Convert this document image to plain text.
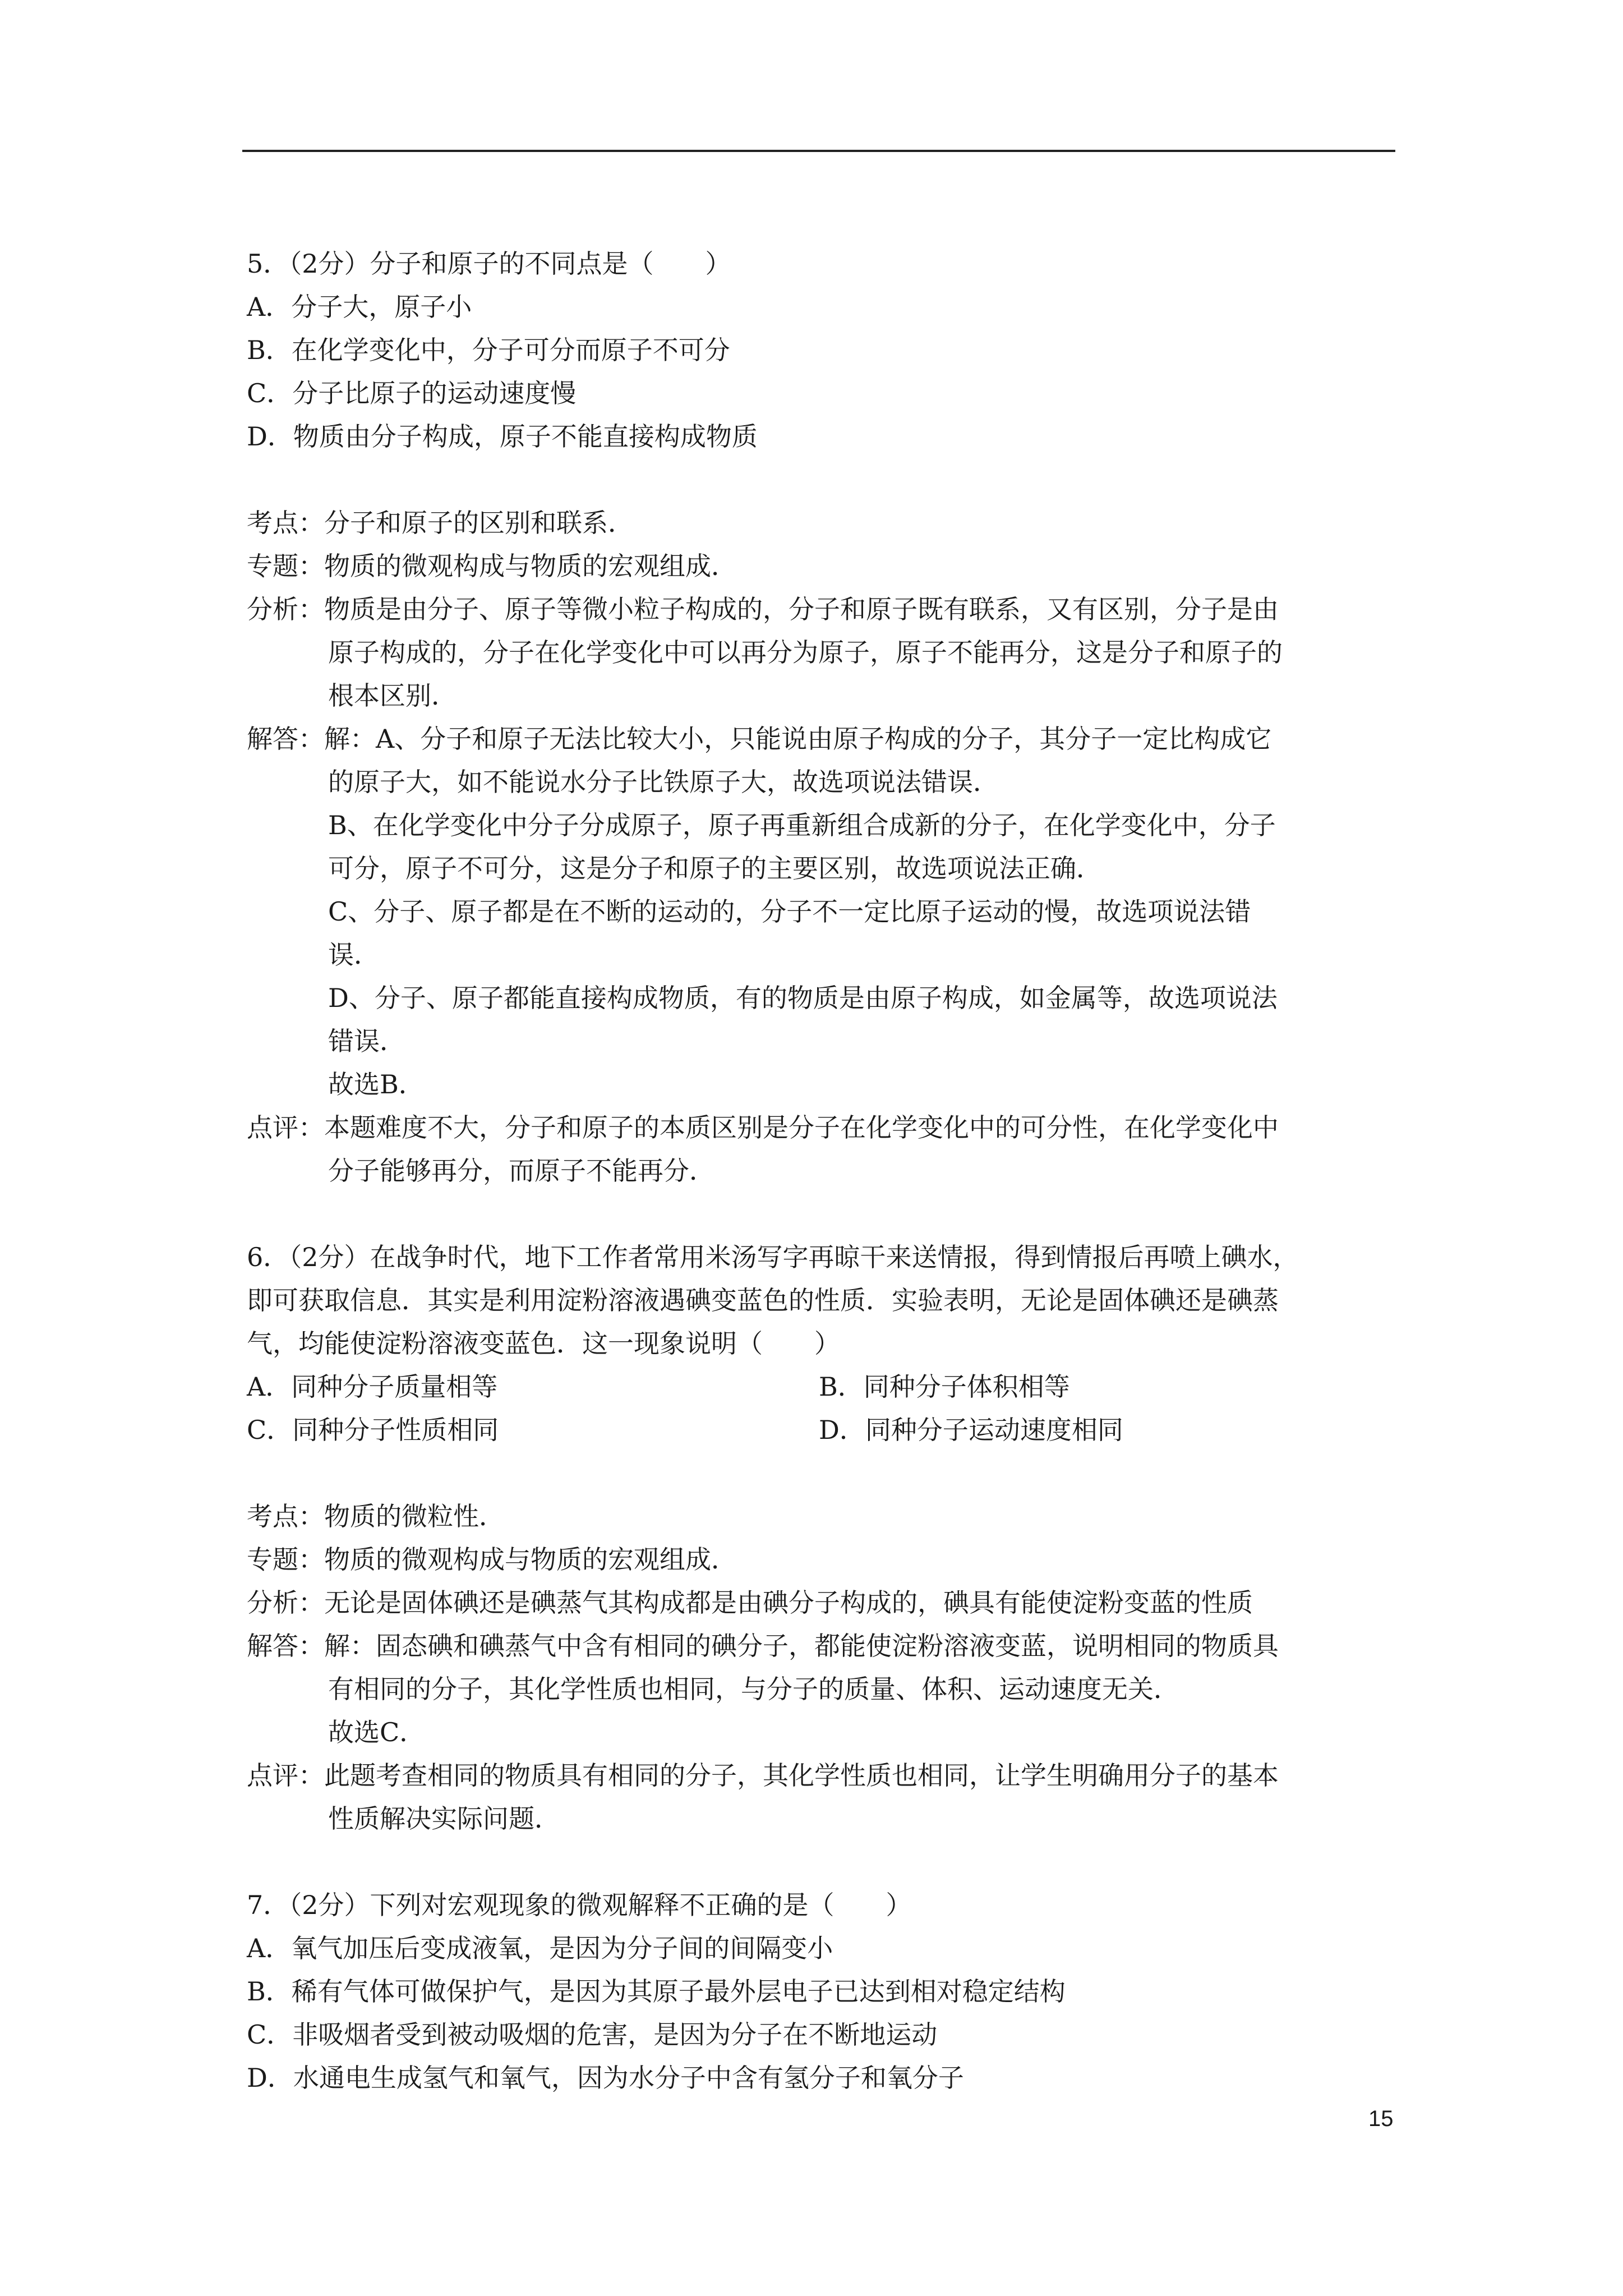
5．（2分）分子和原子的不同点是（　　）
A．分子大，原子小
B．在化学变化中，分子可分而原子不可分
C．分子比原子的运动速度慢
D．物质由分子构成，原子不能直接构成物质
考点：分子和原子的区别和联系．
专题：物质的微观构成与物质的宏观组成．
分析：物质是由分子、原子等微小粒子构成的，分子和原子既有联系，又有区别，分子是由
原子构成的，分子在化学变化中可以再分为原子，原子不能再分，这是分子和原子的
根本区别．
解答：解：A、分子和原子无法比较大小，只能说由原子构成的分子，其分子一定比构成它
的原子大，如不能说水分子比铁原子大，故选项说法错误．
B、在化学变化中分子分成原子，原子再重新组合成新的分子，在化学变化中，分子
可分，原子不可分，这是分子和原子的主要区别，故选项说法正确．
C、分子、原子都是在不断的运动的，分子不一定比原子运动的慢，故选项说法错
误．
D、分子、原子都能直接构成物质，有的物质是由原子构成，如金属等，故选项说法
错误．
故选B．
点评：本题难度不大，分子和原子的本质区别是分子在化学变化中的可分性，在化学变化中
分子能够再分，而原子不能再分．
6．（2分）在战争时代，地下工作者常用米汤写字再晾干来送情报，得到情报后再喷上碘水，
即可获取信息．其实是利用淀粉溶液遇碘变蓝色的性质．实验表明，无论是固体碘还是碘蒸
气，均能使淀粉溶液变蓝色．这一现象说明（　　）
A．同种分子质量相等	B．同种分子体积相等
C．同种分子性质相同	D．同种分子运动速度相同
考点：物质的微粒性．
专题：物质的微观构成与物质的宏观组成．
分析：无论是固体碘还是碘蒸气其构成都是由碘分子构成的，碘具有能使淀粉变蓝的性质
解答：解：固态碘和碘蒸气中含有相同的碘分子，都能使淀粉溶液变蓝，说明相同的物质具
有相同的分子，其化学性质也相同，与分子的质量、体积、运动速度无关．
故选C．
点评：此题考查相同的物质具有相同的分子，其化学性质也相同，让学生明确用分子的基本
性质解决实际问题．
7．（2分）下列对宏观现象的微观解释不正确的是（　　）
A．氧气加压后变成液氧，是因为分子间的间隔变小
B．稀有气体可做保护气，是因为其原子最外层电子已达到相对稳定结构
C．非吸烟者受到被动吸烟的危害，是因为分子在不断地运动
D．水通电生成氢气和氧气，因为水分子中含有氢分子和氧分子
15
